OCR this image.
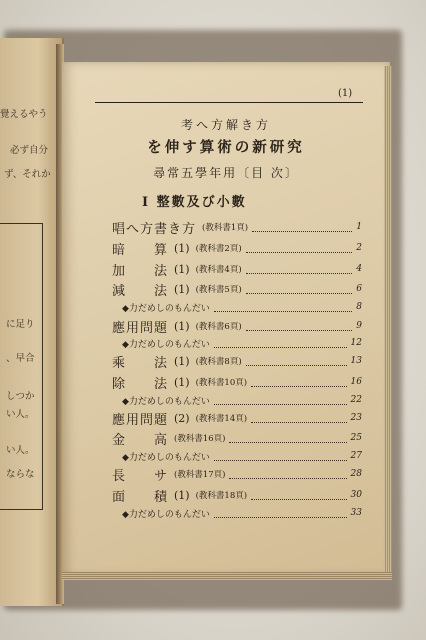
覺えるやう
必ず自分
ず、それか
に足り
、早合
しつか
い人。
い人。
ならな
(1)
考へ方解き方
を伸す算術の新研究
尋常五學年用〔目 次〕
I 整數及び小數
唱へ方書き方 (教科書1頁)	1
暗　　算 (1) (教科書2頁)	2
加　　法 (1) (教科書4頁)	4
減　　法 (1) (教科書5頁)	6
◆力だめしのもんだい	8
應用問題 (1) (教科書6頁)	9
◆力だめしのもんだい	12
乘　　法 (1) (教科書8頁)	13
除　　法 (1) (教科書10頁)	16
◆力だめしのもんだい	22
應用問題 (2) (教科書14頁)	23
金　　高 (教科書16頁)	25
◆力だめしのもんだい	27
長　　サ (教科書17頁)	28
面　　積 (1) (教科書18頁)	30
◆力だめしのもんだい	33
